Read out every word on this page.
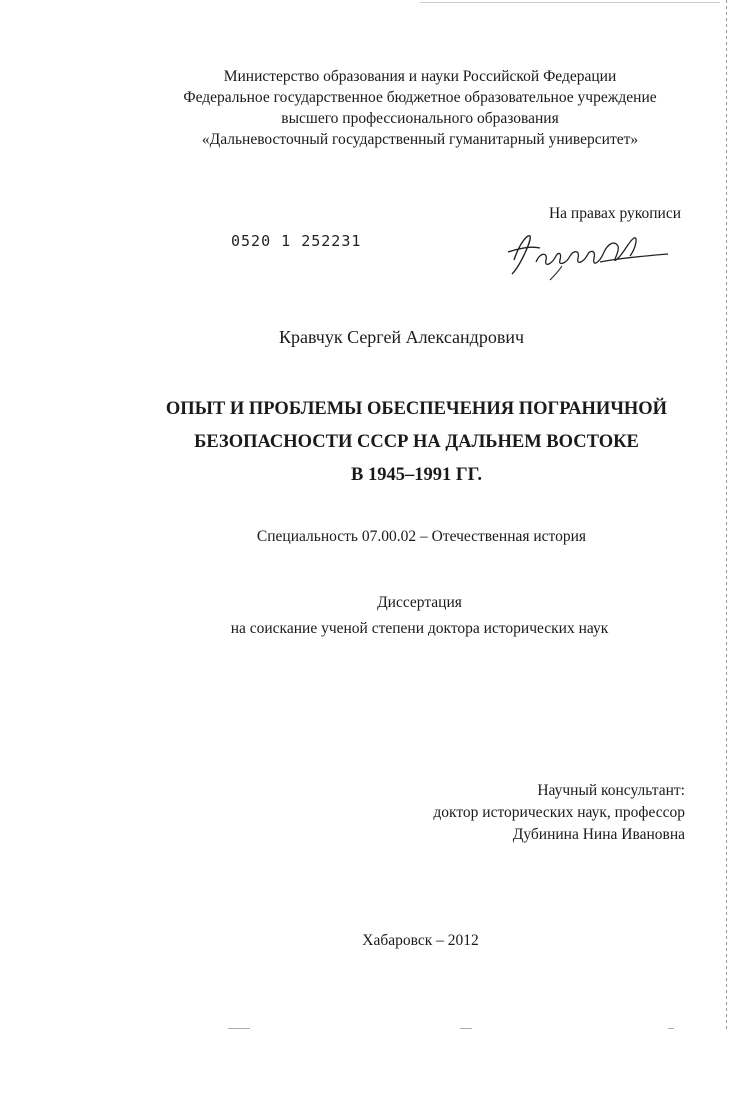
Министерство образования и науки Российской Федерации
Федеральное государственное бюджетное образовательное учреждение
высшего профессионального образования
«Дальневосточный государственный гуманитарный университет»
На правах рукописи
0520 1 252231
Кравчук Сергей Александрович
ОПЫТ И ПРОБЛЕМЫ ОБЕСПЕЧЕНИЯ ПОГРАНИЧНОЙ
БЕЗОПАСНОСТИ СССР НА ДАЛЬНЕМ ВОСТОКЕ
В 1945–1991 ГГ.
Специальность 07.00.02 – Отечественная история
Диссертация
на соискание ученой степени доктора исторических наук
Научный консультант:
доктор исторических наук, профессор
Дубинина Нина Ивановна
Хабаровск – 2012
